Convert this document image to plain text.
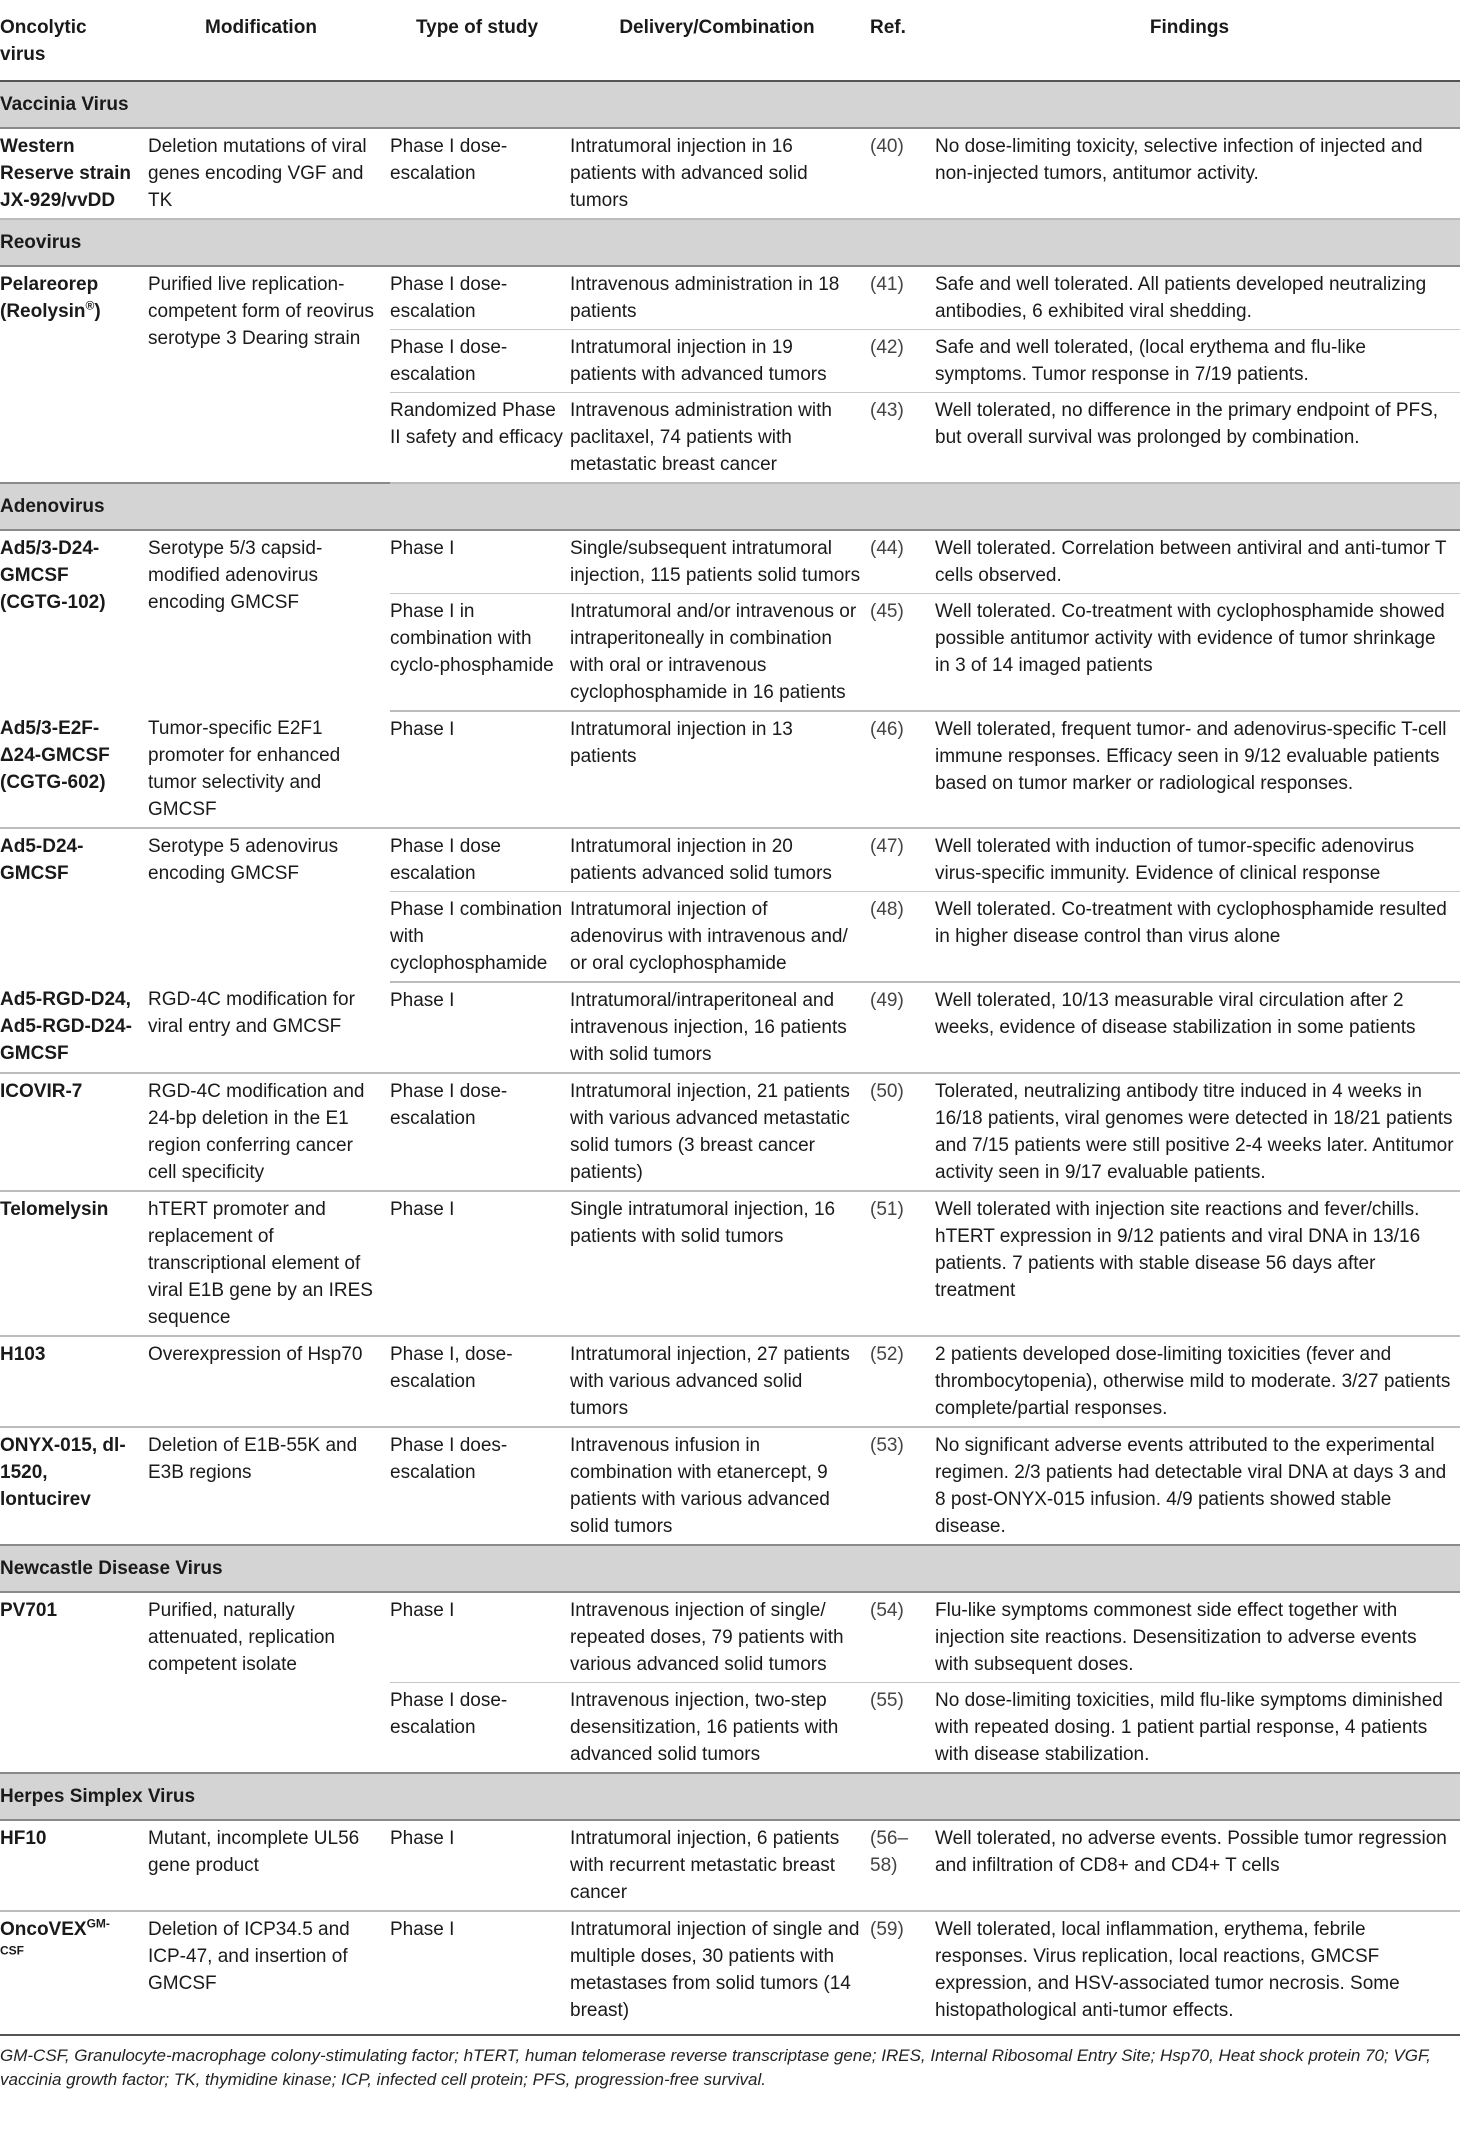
Oncolytic virus	Modification	Type of study	Delivery/Combination	Ref.	Findings
Vaccinia Virus					
Western Reserve strain JX-929/vvDD	Deletion mutations of viral genes encoding VGF and TK	Phase I dose-escalation	Intratumoral injection in 16 patients with advanced solid tumors	(40)	No dose-limiting toxicity, selective infection of injected and non-injected tumors, antitumor activity.
Reovirus					
Pelareorep (Reolysin®)	Purified live replication-competent form of reovirus serotype 3 Dearing strain	Phase I dose-escalation	Intravenous administration in 18 patients	(41)	Safe and well tolerated. All patients developed neutralizing antibodies, 6 exhibited viral shedding.
		Phase I dose-escalation	Intratumoral injection in 19 patients with advanced tumors	(42)	Safe and well tolerated, (local erythema and flu-like symptoms. Tumor response in 7/19 patients.
		Randomized Phase II safety and efficacy	Intravenous administration with paclitaxel, 74 patients with metastatic breast cancer	(43)	Well tolerated, no difference in the primary endpoint of PFS, but overall survival was prolonged by combination.
Adenovirus					
Ad5/3-D24-GMCSF (CGTG-102)	Serotype 5/3 capsid-modified adenovirus encoding GMCSF	Phase I	Single/subsequent intratumoral injection, 115 patients solid tumors	(44)	Well tolerated. Correlation between antiviral and anti-tumor T cells observed.
		Phase I in combination with cyclo-phosphamide	Intratumoral and/or intravenous or intraperitoneally in combination with oral or intravenous cyclophosphamide in 16 patients	(45)	Well tolerated. Co-treatment with cyclophosphamide showed possible antitumor activity with evidence of tumor shrinkage in 3 of 14 imaged patients
Ad5/3-E2F-Δ24-GMCSF (CGTG-602)	Tumor-specific E2F1 promoter for enhanced tumor selectivity and GMCSF	Phase I	Intratumoral injection in 13 patients	(46)	Well tolerated, frequent tumor- and adenovirus-specific T-cell immune responses. Efficacy seen in 9/12 evaluable patients based on tumor marker or radiological responses.
Ad5-D24-GMCSF	Serotype 5 adenovirus encoding GMCSF	Phase I dose escalation	Intratumoral injection in 20 patients advanced solid tumors	(47)	Well tolerated with induction of tumor-specific adenovirus virus-specific immunity. Evidence of clinical response
		Phase I combination with cyclophosphamide	Intratumoral injection of adenovirus with intravenous and/ or oral cyclophosphamide	(48)	Well tolerated. Co-treatment with cyclophosphamide resulted in higher disease control than virus alone
Ad5-RGD-D24, Ad5-RGD-D24-GMCSF	RGD-4C modification for viral entry and GMCSF	Phase I	Intratumoral/intraperitoneal and intravenous injection, 16 patients with solid tumors	(49)	Well tolerated, 10/13 measurable viral circulation after 2 weeks, evidence of disease stabilization in some patients
ICOVIR-7	RGD-4C modification and 24-bp deletion in the E1 region conferring cancer cell specificity	Phase I dose-escalation	Intratumoral injection, 21 patients with various advanced metastatic solid tumors (3 breast cancer patients)	(50)	Tolerated, neutralizing antibody titre induced in 4 weeks in 16/18 patients, viral genomes were detected in 18/21 patients and 7/15 patients were still positive 2-4 weeks later. Antitumor activity seen in 9/17 evaluable patients.
Telomelysin	hTERT promoter and replacement of transcriptional element of viral E1B gene by an IRES sequence	Phase I	Single intratumoral injection, 16 patients with solid tumors	(51)	Well tolerated with injection site reactions and fever/chills. hTERT expression in 9/12 patients and viral DNA in 13/16 patients. 7 patients with stable disease 56 days after treatment
H103	Overexpression of Hsp70	Phase I, dose-escalation	Intratumoral injection, 27 patients with various advanced solid tumors	(52)	2 patients developed dose-limiting toxicities (fever and thrombocytopenia), otherwise mild to moderate. 3/27 patients complete/partial responses.
ONYX-015, dl-1520, lontucirev	Deletion of E1B-55K and E3B regions	Phase I does-escalation	Intravenous infusion in combination with etanercept, 9 patients with various advanced solid tumors	(53)	No significant adverse events attributed to the experimental regimen. 2/3 patients had detectable viral DNA at days 3 and 8 post-ONYX-015 infusion. 4/9 patients showed stable disease.
Newcastle Disease Virus					
PV701	Purified, naturally attenuated, replication competent isolate	Phase I	Intravenous injection of single/ repeated doses, 79 patients with various advanced solid tumors	(54)	Flu-like symptoms commonest side effect together with injection site reactions. Desensitization to adverse events with subsequent doses.
		Phase I dose-escalation	Intravenous injection, two-step desensitization, 16 patients with advanced solid tumors	(55)	No dose-limiting toxicities, mild flu-like symptoms diminished with repeated dosing. 1 patient partial response, 4 patients with disease stabilization.
Herpes Simplex Virus					
HF10	Mutant, incomplete UL56 gene product	Phase I	Intratumoral injection, 6 patients with recurrent metastatic breast cancer	(56–58)	Well tolerated, no adverse events. Possible tumor regression and infiltration of CD8+ and CD4+ T cells
OncoVEX$^{GM-CSF}$	Deletion of ICP34.5 and ICP-47, and insertion of GMCSF	Phase I	Intratumoral injection of single and multiple doses, 30 patients with metastases from solid tumors (14 breast)	(59)	Well tolerated, local inflammation, erythema, febrile responses. Virus replication, local reactions, GMCSF expression, and HSV-associated tumor necrosis. Some histopathological anti-tumor effects.
GM-CSF, Granulocyte-macrophage colony-stimulating factor; hTERT, human telomerase reverse transcriptase gene; IRES, Internal Ribosomal Entry Site; Hsp70, Heat shock protein 70; VGF, vaccinia growth factor; TK, thymidine kinase; ICP, infected cell protein; PFS, progression-free survival.
